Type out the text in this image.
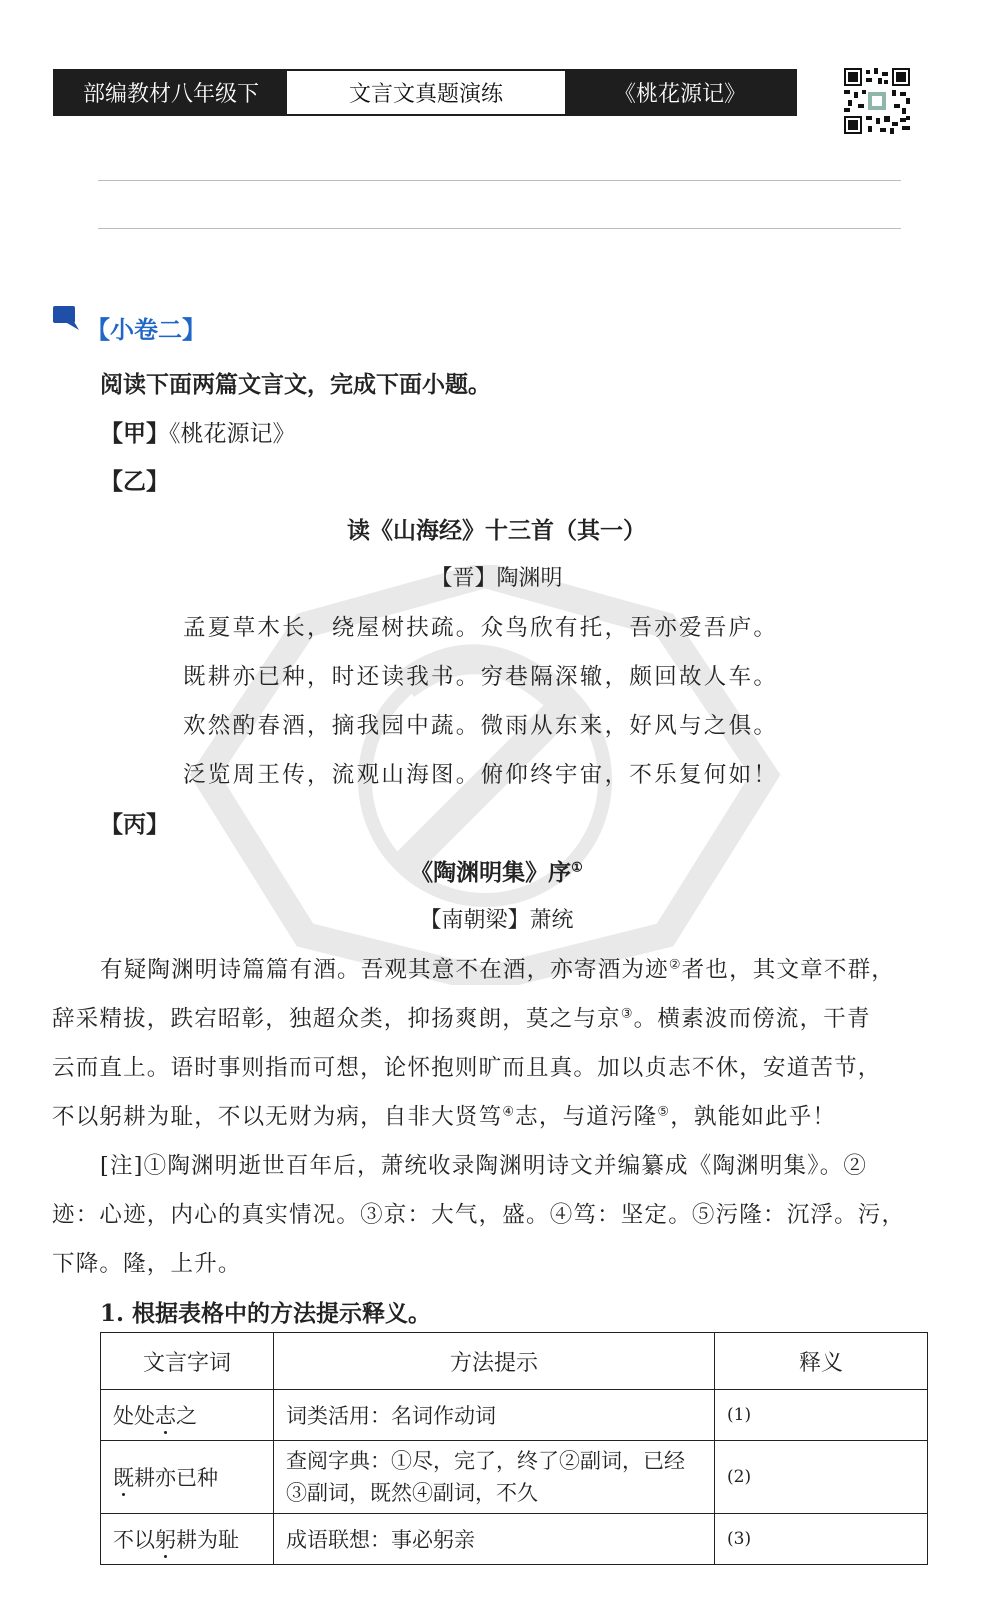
部编教材八年级下	文言文真题演练	《桃花源记》
【小卷二】
阅读下面两篇文言文，完成下面小题。
【甲】《桃花源记》
【乙】
读《山海经》十三首（其一）
【晋】陶渊明
孟夏草木长，绕屋树扶疏。众鸟欣有托，吾亦爱吾庐。
既耕亦已种，时还读我书。穷巷隔深辙，颇回故人车。
欢然酌春酒，摘我园中蔬。微雨从东来，好风与之俱。
泛览周王传，流观山海图。俯仰终宇宙，不乐复何如！
【丙】
《陶渊明集》序①
【南朝梁】萧统
有疑陶渊明诗篇篇有酒。吾观其意不在酒，亦寄酒为迹②者也，其文章不群，
辞采精拔，跌宕昭彰，独超众类，抑扬爽朗，莫之与京③。横素波而傍流，干青
云而直上。语时事则指而可想，论怀抱则旷而且真。加以贞志不休，安道苦节，
不以躬耕为耻，不以无财为病，自非大贤笃④志，与道污隆⑤，孰能如此乎！
[注]①陶渊明逝世百年后，萧统收录陶渊明诗文并编纂成《陶渊明集》。②
迹：心迹，内心的真实情况。③京：大气，盛。④笃：坚定。⑤污隆：沉浮。污，
下降。隆，上升。
1. 根据表格中的方法提示释义。
文言字词	方法提示	释义
处处志之	词类活用：名词作动词	(1)
既耕亦已种	查阅字典：①尽，完了，终了②副词，已经
③副词，既然④副词，不久	(2)
不以躬耕为耻	成语联想：事必躬亲	(3)
